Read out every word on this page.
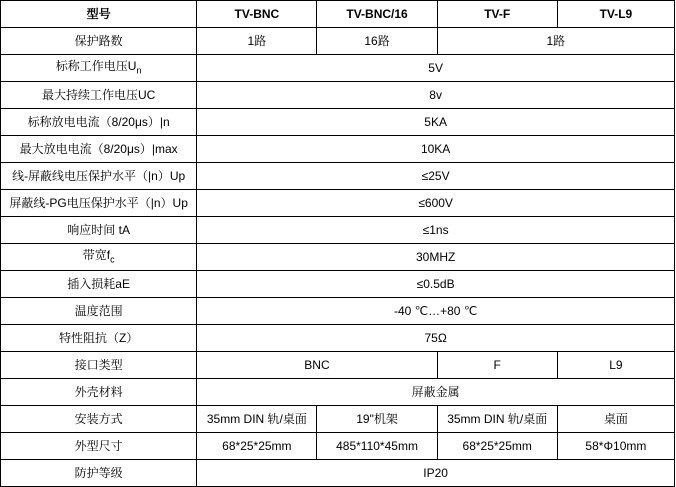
型号	TV-BNC	TV-BNC/16	TV-F	TV-L9
保护路数	1路	16路	1路	
标称工作电压$U_n$	5V			
最大持续工作电压UC	8v			
标称放电电流（8/20μs）|n	5KA			
最大放电电流（8/20μs）|max	10KA			
线-屏蔽线电压保护水平（|n）Up	≤25V			
屏蔽线-PG电压保护水平（|n）Up	≤600V			
响应时间 tA	≤1ns			
带宽$f_c$	30MHZ			
插入损耗aE	≤0.5dB			
温度范围	-40 ℃…+80 ℃			
特性阻抗（Z）	75Ω			
接口类型	BNC		F	L9
外壳材料	屏蔽金属			
安装方式	35mm DIN 轨/桌面	19"机架	35mm DIN 轨/桌面	桌面
外型尺寸	68*25*25mm	485*110*45mm	68*25*25mm	58*Φ10mm
防护等级	IP20			
